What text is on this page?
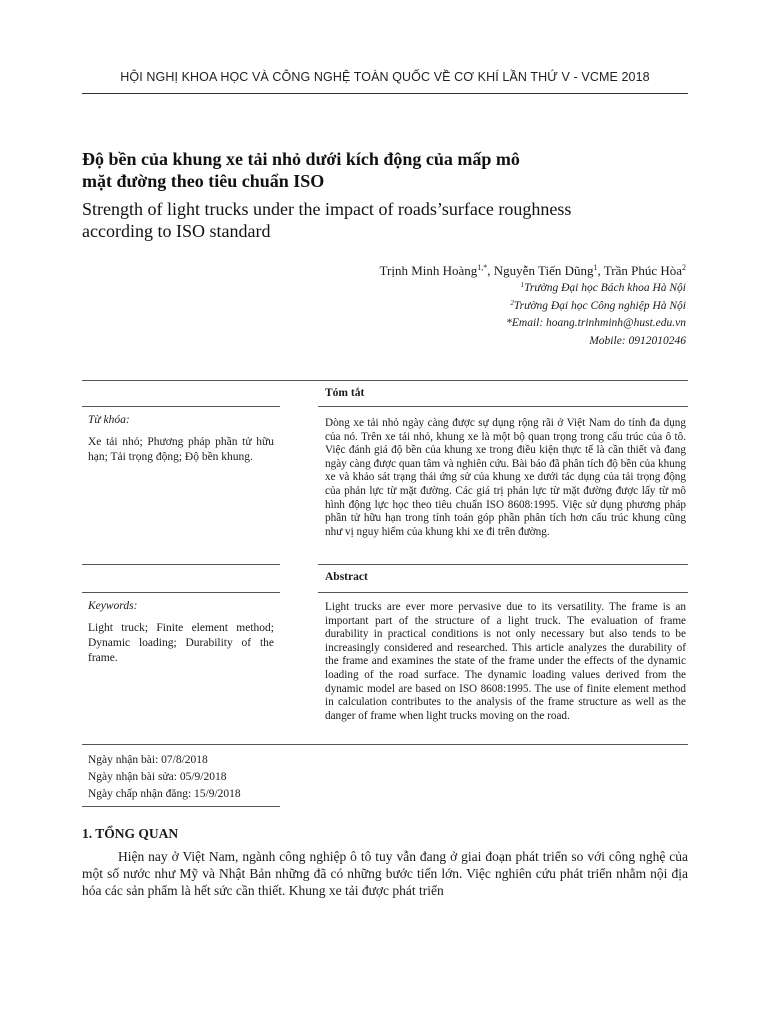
HỘI NGHỊ KHOA HỌC VÀ CÔNG NGHỆ TOÀN QUỐC VỀ CƠ KHÍ LẦN THỨ V - VCME 2018
Độ bền của khung xe tải nhỏ dưới kích động của mấp mô
mặt đường theo tiêu chuẩn ISO
Strength of light trucks under the impact of roads’surface roughness
according to ISO standard
Trịnh Minh Hoàng$^{1,*}$, Nguyễn Tiến Dũng$^1$, Trần Phúc Hòa$^2$
$^1$Trường Đại học Bách khoa Hà Nội
$^2$Trường Đại học Công nghiệp Hà Nội
*Email: hoang.trinhminh@hust.edu.vn
Mobile: 0912010246
Tóm tắt
Từ khóa:
Xe tải nhỏ; Phương pháp phần tử hữu hạn; Tải trọng động; Độ bền khung.
Dòng xe tải nhỏ ngày càng được sự dụng rộng rãi ở Việt Nam do tính đa dụng của nó. Trên xe tải nhỏ, khung xe là một bộ quan trọng trong cấu trúc của ô tô. Việc đánh giá độ bền của khung xe trong điều kiện thực tế là cần thiết và đang ngày càng được quan tâm và nghiên cứu. Bài báo đã phân tích độ bền của khung xe và khảo sát trạng thái ứng sử của khung xe dưới tác dụng của tải trọng động của phản lực từ mặt đường. Các giá trị phản lực từ mặt đường được lấy từ mô hình động lực học theo tiêu chuẩn ISO 8608:1995. Việc sử dụng phương pháp phần tử hữu hạn trong tính toán góp phần phân tích hơn cấu trúc khung cũng như vị nguy hiểm của khung khi xe đi trên đường.
Abstract
Keywords:
Light truck; Finite element method; Dynamic loading; Durability of the frame.
Light trucks are ever more pervasive due to its versatility. The frame is an important part of the structure of a light truck. The evaluation of frame durability in practical conditions is not only necessary but also tends to be increasingly considered and researched. This article analyzes the durability of the frame and examines the state of the frame under the effects of the dynamic loading of the road surface. The dynamic loading values derived from the dynamic model are based on ISO 8608:1995. The use of finite element method in calculation contributes to the analysis of the frame structure as well as the danger of frame when light trucks moving on the road.
Ngày nhận bài: 07/8/2018
Ngày nhận bài sửa: 05/9/2018
Ngày chấp nhận đăng: 15/9/2018
1. TỔNG QUAN
Hiện nay ở Việt Nam, ngành công nghiệp ô tô tuy vẫn đang ở giai đoạn phát triển so với công nghệ của một số nước như Mỹ và Nhật Bản những đã có những bước tiến lớn. Việc nghiên cứu phát triển nhằm nội địa hóa các sản phẩm là hết sức cần thiết. Khung xe tải được phát triển
